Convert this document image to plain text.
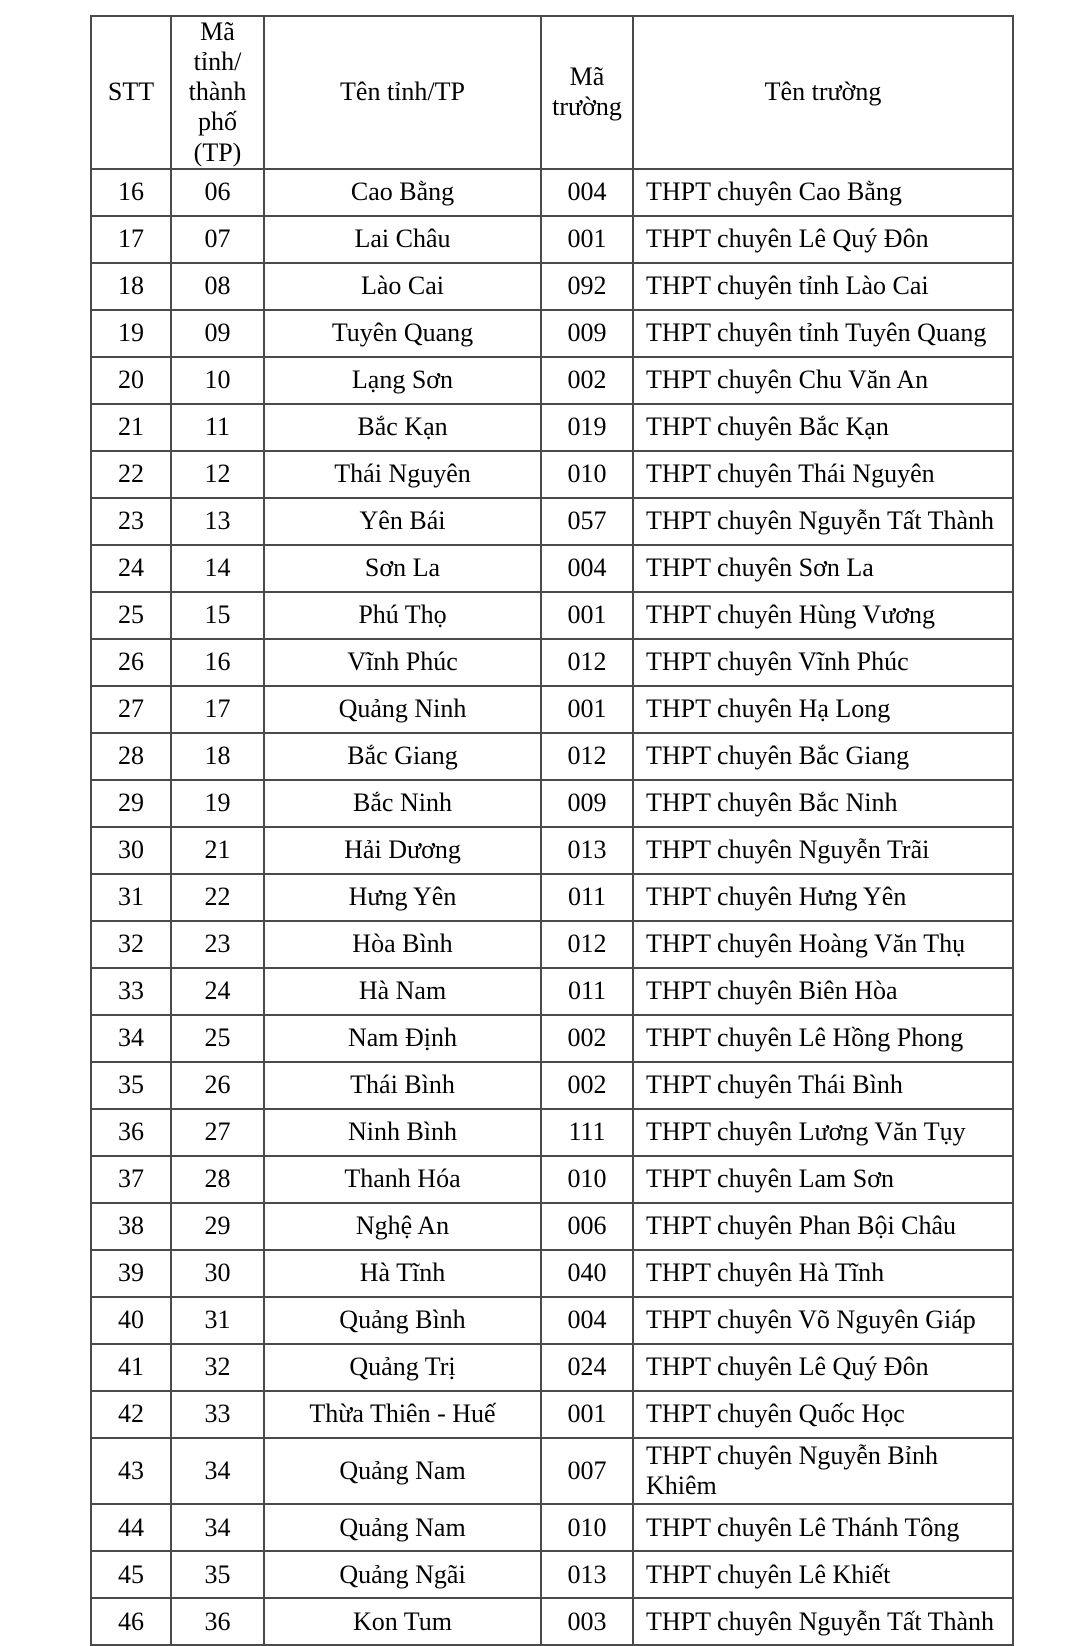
STT	Mã tỉnh/ thành phố (TP)	Tên tỉnh/TP	Mã trường	Tên trường
16	06	Cao Bằng	004	THPT chuyên Cao Bằng
17	07	Lai Châu	001	THPT chuyên Lê Quý Đôn
18	08	Lào Cai	092	THPT chuyên tỉnh Lào Cai
19	09	Tuyên Quang	009	THPT chuyên tỉnh Tuyên Quang
20	10	Lạng Sơn	002	THPT chuyên Chu Văn An
21	11	Bắc Kạn	019	THPT chuyên Bắc Kạn
22	12	Thái Nguyên	010	THPT chuyên Thái Nguyên
23	13	Yên Bái	057	THPT chuyên Nguyễn Tất Thành
24	14	Sơn La	004	THPT chuyên Sơn La
25	15	Phú Thọ	001	THPT chuyên Hùng Vương
26	16	Vĩnh Phúc	012	THPT chuyên Vĩnh Phúc
27	17	Quảng Ninh	001	THPT chuyên Hạ Long
28	18	Bắc Giang	012	THPT chuyên Bắc Giang
29	19	Bắc Ninh	009	THPT chuyên Bắc Ninh
30	21	Hải Dương	013	THPT chuyên Nguyễn Trãi
31	22	Hưng Yên	011	THPT chuyên Hưng Yên
32	23	Hòa Bình	012	THPT chuyên Hoàng Văn Thụ
33	24	Hà Nam	011	THPT chuyên Biên Hòa
34	25	Nam Định	002	THPT chuyên Lê Hồng Phong
35	26	Thái Bình	002	THPT chuyên Thái Bình
36	27	Ninh Bình	111	THPT chuyên Lương Văn Tụy
37	28	Thanh Hóa	010	THPT chuyên Lam Sơn
38	29	Nghệ An	006	THPT chuyên Phan Bội Châu
39	30	Hà Tĩnh	040	THPT chuyên Hà Tĩnh
40	31	Quảng Bình	004	THPT chuyên Võ Nguyên Giáp
41	32	Quảng Trị	024	THPT chuyên Lê Quý Đôn
42	33	Thừa Thiên - Huế	001	THPT chuyên Quốc Học
43	34	Quảng Nam	007	THPT chuyên Nguyễn Bỉnh Khiêm
44	34	Quảng Nam	010	THPT chuyên Lê Thánh Tông
45	35	Quảng Ngãi	013	THPT chuyên Lê Khiết
46	36	Kon Tum	003	THPT chuyên Nguyễn Tất Thành
